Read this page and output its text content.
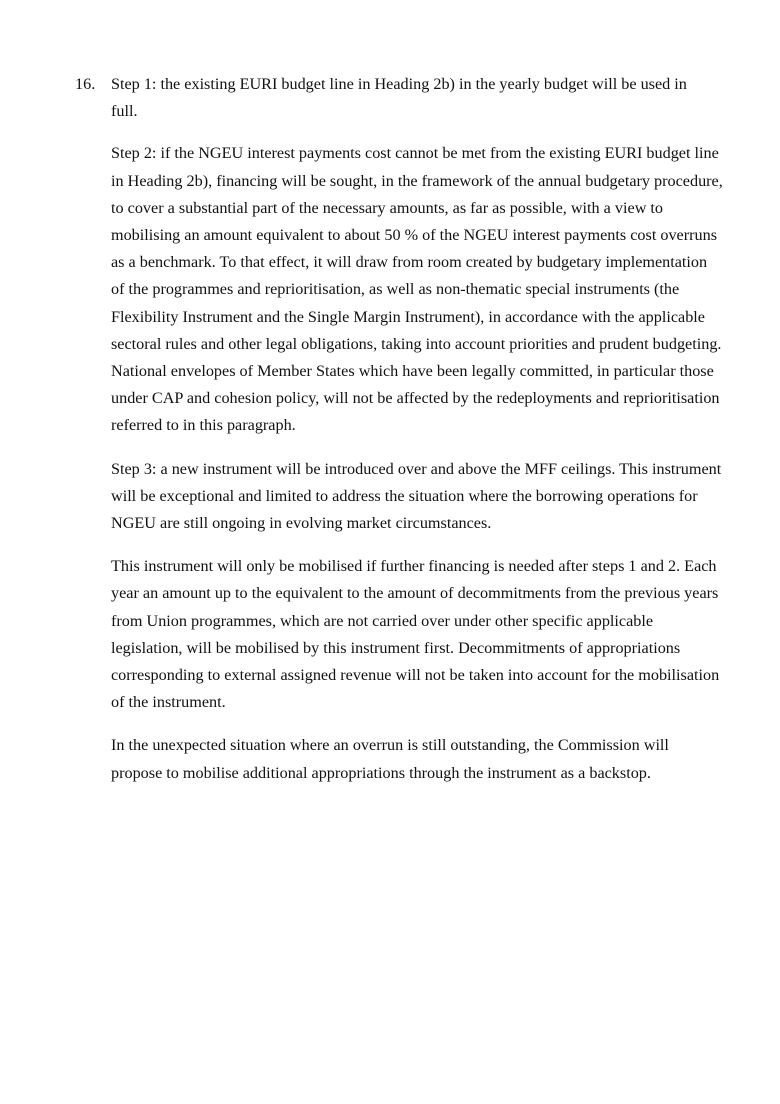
16. Step 1: the existing EURI budget line in Heading 2b) in the yearly budget will be used in full.

Step 2: if the NGEU interest payments cost cannot be met from the existing EURI budget line
in Heading 2b), financing will be sought, in the framework of the annual budgetary procedure,
to cover a substantial part of the necessary amounts, as far as possible, with a view to
mobilising an amount equivalent to about 50 % of the NGEU interest payments cost overruns
as a benchmark. To that effect, it will draw from room created by budgetary implementation
of the programmes and reprioritisation, as well as non-thematic special instruments (the
Flexibility Instrument and the Single Margin Instrument), in accordance with the applicable
sectoral rules and other legal obligations, taking into account priorities and prudent budgeting.
National envelopes of Member States which have been legally committed, in particular those
under CAP and cohesion policy, will not be affected by the redeployments and reprioritisation
referred to in this paragraph.

Step 3: a new instrument will be introduced over and above the MFF ceilings. This instrument
will be exceptional and limited to address the situation where the borrowing operations for
NGEU are still ongoing in evolving market circumstances.

This instrument will only be mobilised if further financing is needed after steps 1 and 2. Each
year an amount up to the equivalent to the amount of decommitments from the previous years
from Union programmes, which are not carried over under other specific applicable
legislation, will be mobilised by this instrument first. Decommitments of appropriations
corresponding to external assigned revenue will not be taken into account for the mobilisation
of the instrument.

In the unexpected situation where an overrun is still outstanding, the Commission will
propose to mobilise additional appropriations through the instrument as a backstop.
